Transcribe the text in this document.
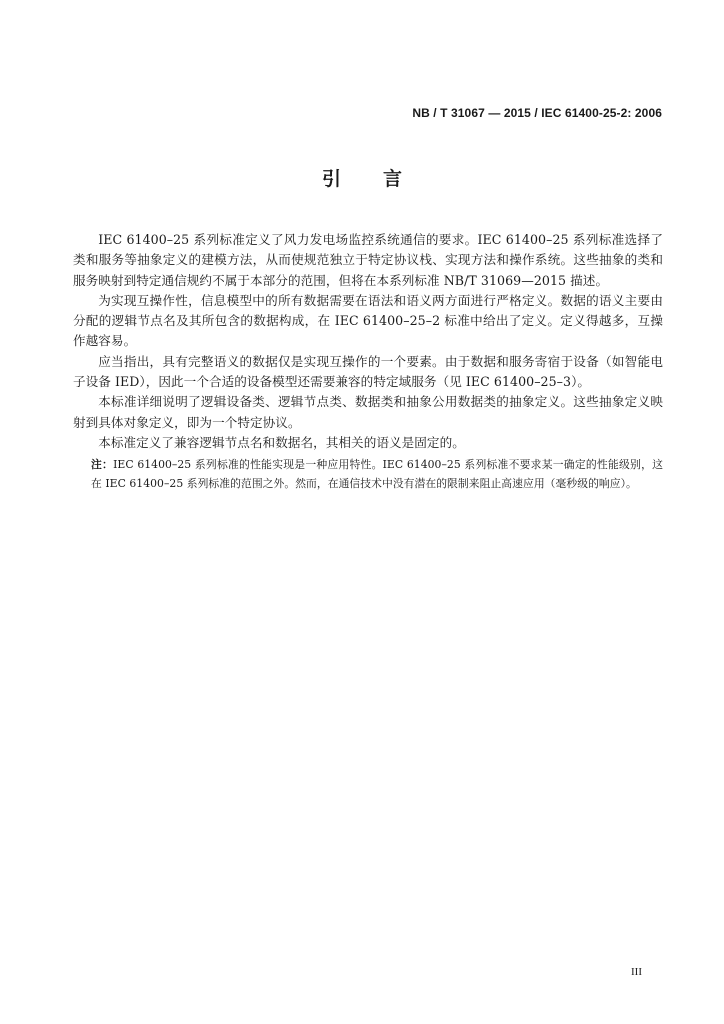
NB / T 31067 — 2015 / IEC 61400-25-2: 2006
引言

IEC 61400–25 系列标准定义了风力发电场监控系统通信的要求。IEC 61400–25 系列标准选择了类和服务等抽象定义的建模方法，从而使规范独立于特定协议栈、实现方法和操作系统。这些抽象的类和服务映射到特定通信规约不属于本部分的范围，但将在本系列标准 NB/T 31069—2015 描述。

为实现互操作性，信息模型中的所有数据需要在语法和语义两方面进行严格定义。数据的语义主要由分配的逻辑节点名及其所包含的数据构成，在 IEC 61400–25–2 标准中给出了定义。定义得越多，互操作越容易。

应当指出，具有完整语义的数据仅是实现互操作的一个要素。由于数据和服务寄宿于设备（如智能电子设备 IED），因此一个合适的设备模型还需要兼容的特定域服务（见 IEC 61400–25–3）。

本标准详细说明了逻辑设备类、逻辑节点类、数据类和抽象公用数据类的抽象定义。这些抽象定义映射到具体对象定义，即为一个特定协议。

本标准定义了兼容逻辑节点名和数据名，其相关的语义是固定的。

注：IEC 61400–25 系列标准的性能实现是一种应用特性。IEC 61400–25 系列标准不要求某一确定的性能级别，这在 IEC 61400–25 系列标准的范围之外。然而，在通信技术中没有潜在的限制来阻止高速应用（毫秒级的响应）。

III
